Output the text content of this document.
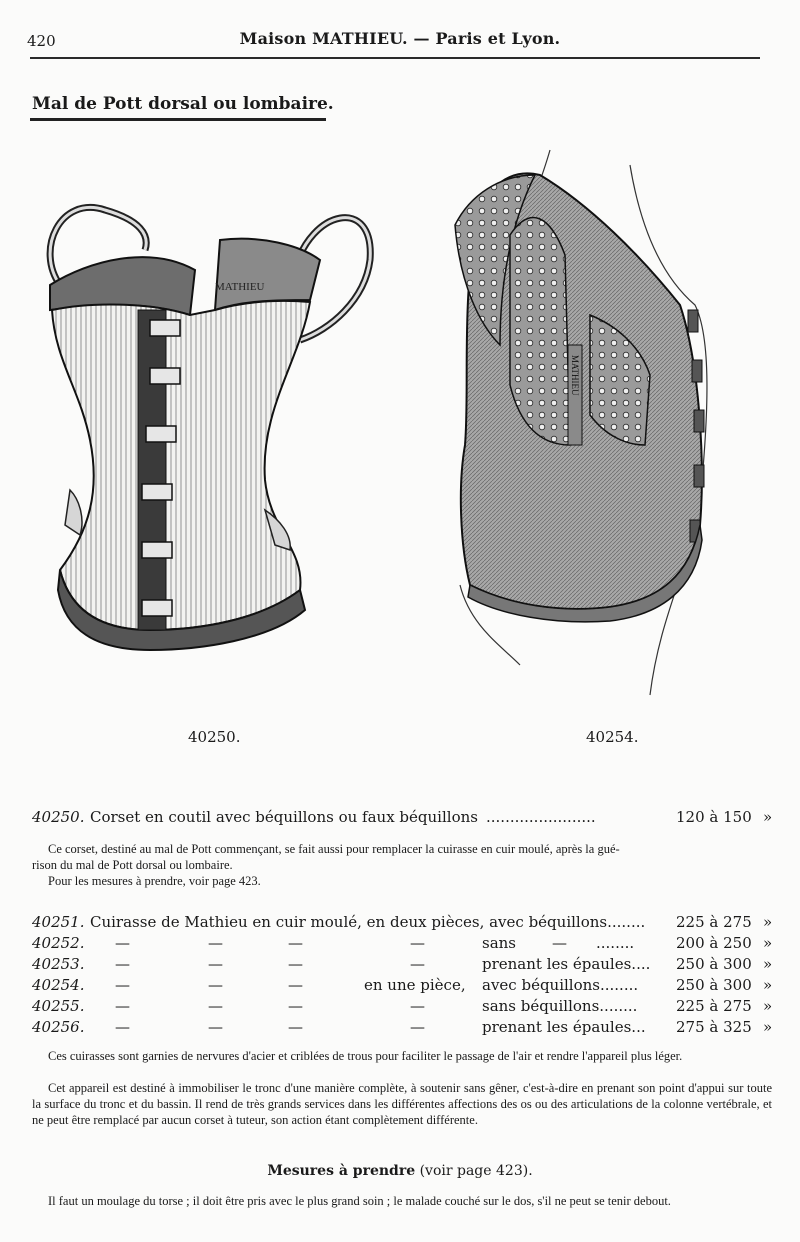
420	Maison MATHIEU. — Paris et Lyon.
Mal de Pott dorsal ou lombaire.
MATHIEU
40250.
MATHIEU
40254.
40250. Corset en coutil avec béquillons ou faux béquillons .......................	120 à 150 »
Ce corset, destiné au mal de Pott commençant, se fait aussi pour remplacer la cuirasse en cuir moulé, après la gué-
rison du mal de Pott dorsal ou lombaire.
Pour les mesures à prendre, voir page 423.
40251. Cuirasse de Mathieu en cuir moulé, en deux pièces, avec béquillons........ 225 à 275 »
40252. —	—	—	—	sans — ........	200 à 250 »
40253. —	—	—	—	prenant les épaules.... 250 à 300 »
40254. —	—	—	en une pièce, avec béquillons........	250 à 300 »
40255. —	—	—	—	sans béquillons........	225 à 275 »
40256. —	—	—	—	prenant les épaules... 275 à 325 »
Ces cuirasses sont garnies de nervures d'acier et criblées de trous pour faciliter le passage de l'air et rendre l'appareil plus léger.
Cet appareil est destiné à immobiliser le tronc d'une manière complète, à soutenir sans gêner, c'est-à-dire en prenant son point d'appui sur toute la surface du tronc et du bassin. Il rend de très grands services dans les différentes affections des os ou des articulations de la colonne vertébrale, et ne peut être remplacé par aucun corset à tuteur, son action étant complètement différente.
Mesures à prendre (voir page 423).
Il faut un moulage du torse ; il doit être pris avec le plus grand soin ; le malade couché sur le dos, s'il ne peut se tenir debout.
